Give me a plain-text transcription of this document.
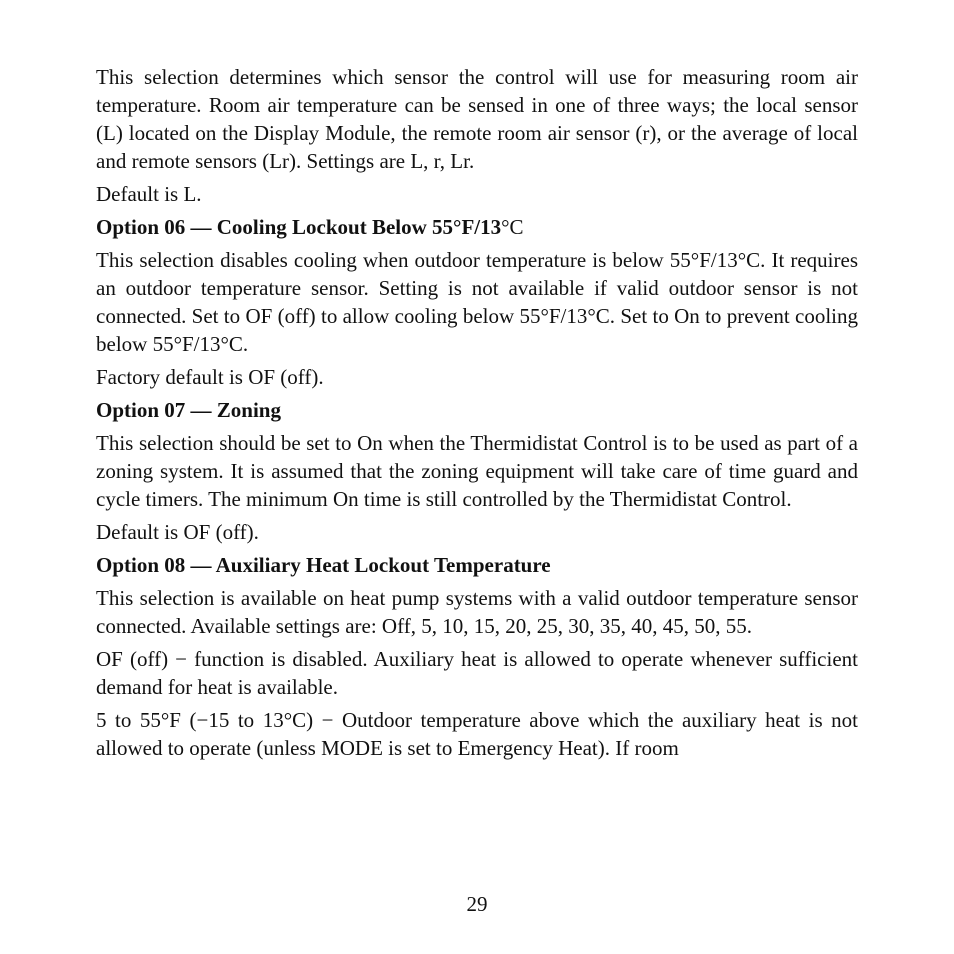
This selection determines which sensor the control will use for measuring room air temperature. Room air temperature can be sensed in one of three ways; the local sensor (L) located on the Display Module, the remote room air sensor (r), or the average of local and remote sensors (Lr). Settings are L, r, Lr.

Default is L.

Option 06 — Cooling Lockout Below 55°F/13°C

This selection disables cooling when outdoor temperature is below 55°F/13°C. It requires an outdoor temperature sensor. Setting is not available if valid outdoor sensor is not connected. Set to OF (off) to allow cooling below 55°F/13°C. Set to On to prevent cooling below 55°F/13°C.

Factory default is OF (off).

Option 07 — Zoning

This selection should be set to On when the Thermidistat Control is to be used as part of a zoning system. It is assumed that the zoning equipment will take care of time guard and cycle timers. The minimum On time is still controlled by the Thermidistat Control.

Default is OF (off).

Option 08 — Auxiliary Heat Lockout Temperature

This selection is available on heat pump systems with a valid outdoor temperature sensor connected. Available settings are: Off, 5, 10, 15, 20, 25, 30, 35, 40, 45, 50, 55.

OF (off) − function is disabled. Auxiliary heat is allowed to operate whenever sufficient demand for heat is available.

5 to 55°F (−15 to 13°C) − Outdoor temperature above which the auxiliary heat is not allowed to operate (unless MODE is set to Emergency Heat). If room

29
